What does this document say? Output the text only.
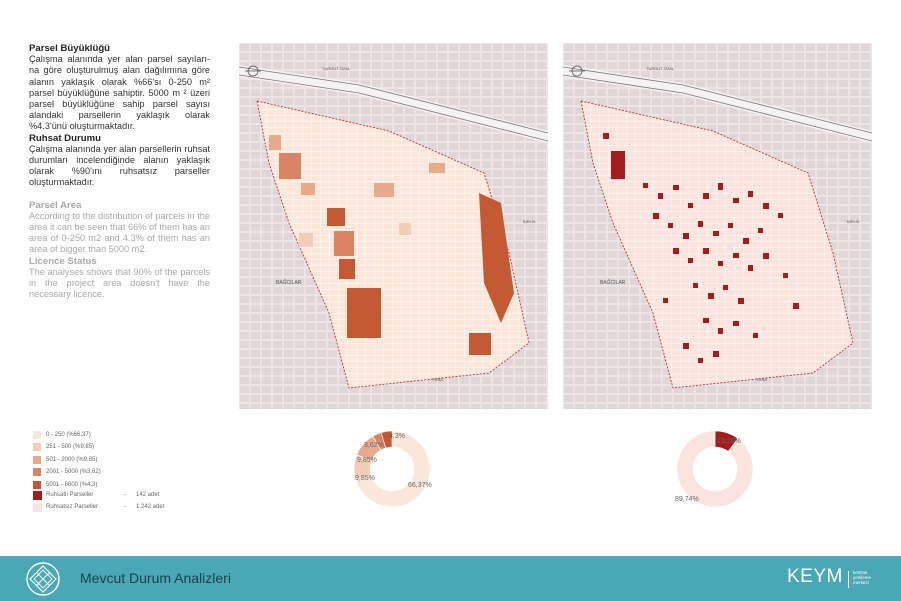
Parsel Büyüklüğü

Çalışma alanında yer alan parsel sayıları- na göre oluşturulmuş alan dağılımına göre alanın yaklaşık olarak %66'sı 0-250 m² parsel büyüklüğüne sahiptir. 5000 m ² üzeri parsel büyüklüğüne sahip parsel sayısı alandaki parsellerin yaklaşık olarak %4.3'ünü oluşturmaktadır.

Ruhsat Durumu

Çalışma alanında yer alan parsellerin ruhsat durumları incelendiğinde alanın yaklaşık olarak %90'ını ruhsatsız parseller oluşturmaktadır.

Parsel Area

According to the distribution of parcels in the area it can be seen that 66% of them has an area of 0-250 m2 and 4.3% of them has an area of bigger than 5000 m2.

Licence Status

The analyses shows that 90% of the parcels in the project area doesn't have the necessary licence.

TURGUT ÖZAL
BİRLİK
BAĞCILAR
TUNA
TURGUT ÖZAL
BİRLİK
BAĞCILAR
TUNA
0 - 250 (%66,37)
251 - 500 (%9,85)
501 - 2000 (%9,85)
2001 - 5000 (%3,62)
5001 - 8000 (%4,3)
Ruhsatlı Parseller	-	142 adet
Ruhsatsız Parseller	-	1.242 adet
66,37%
9,85%
9,85%
3,62%
4,3%
10,26%
89,74%
Mevcut Durum Analizleri	KEYM kentsel
yenileme
merkezi
